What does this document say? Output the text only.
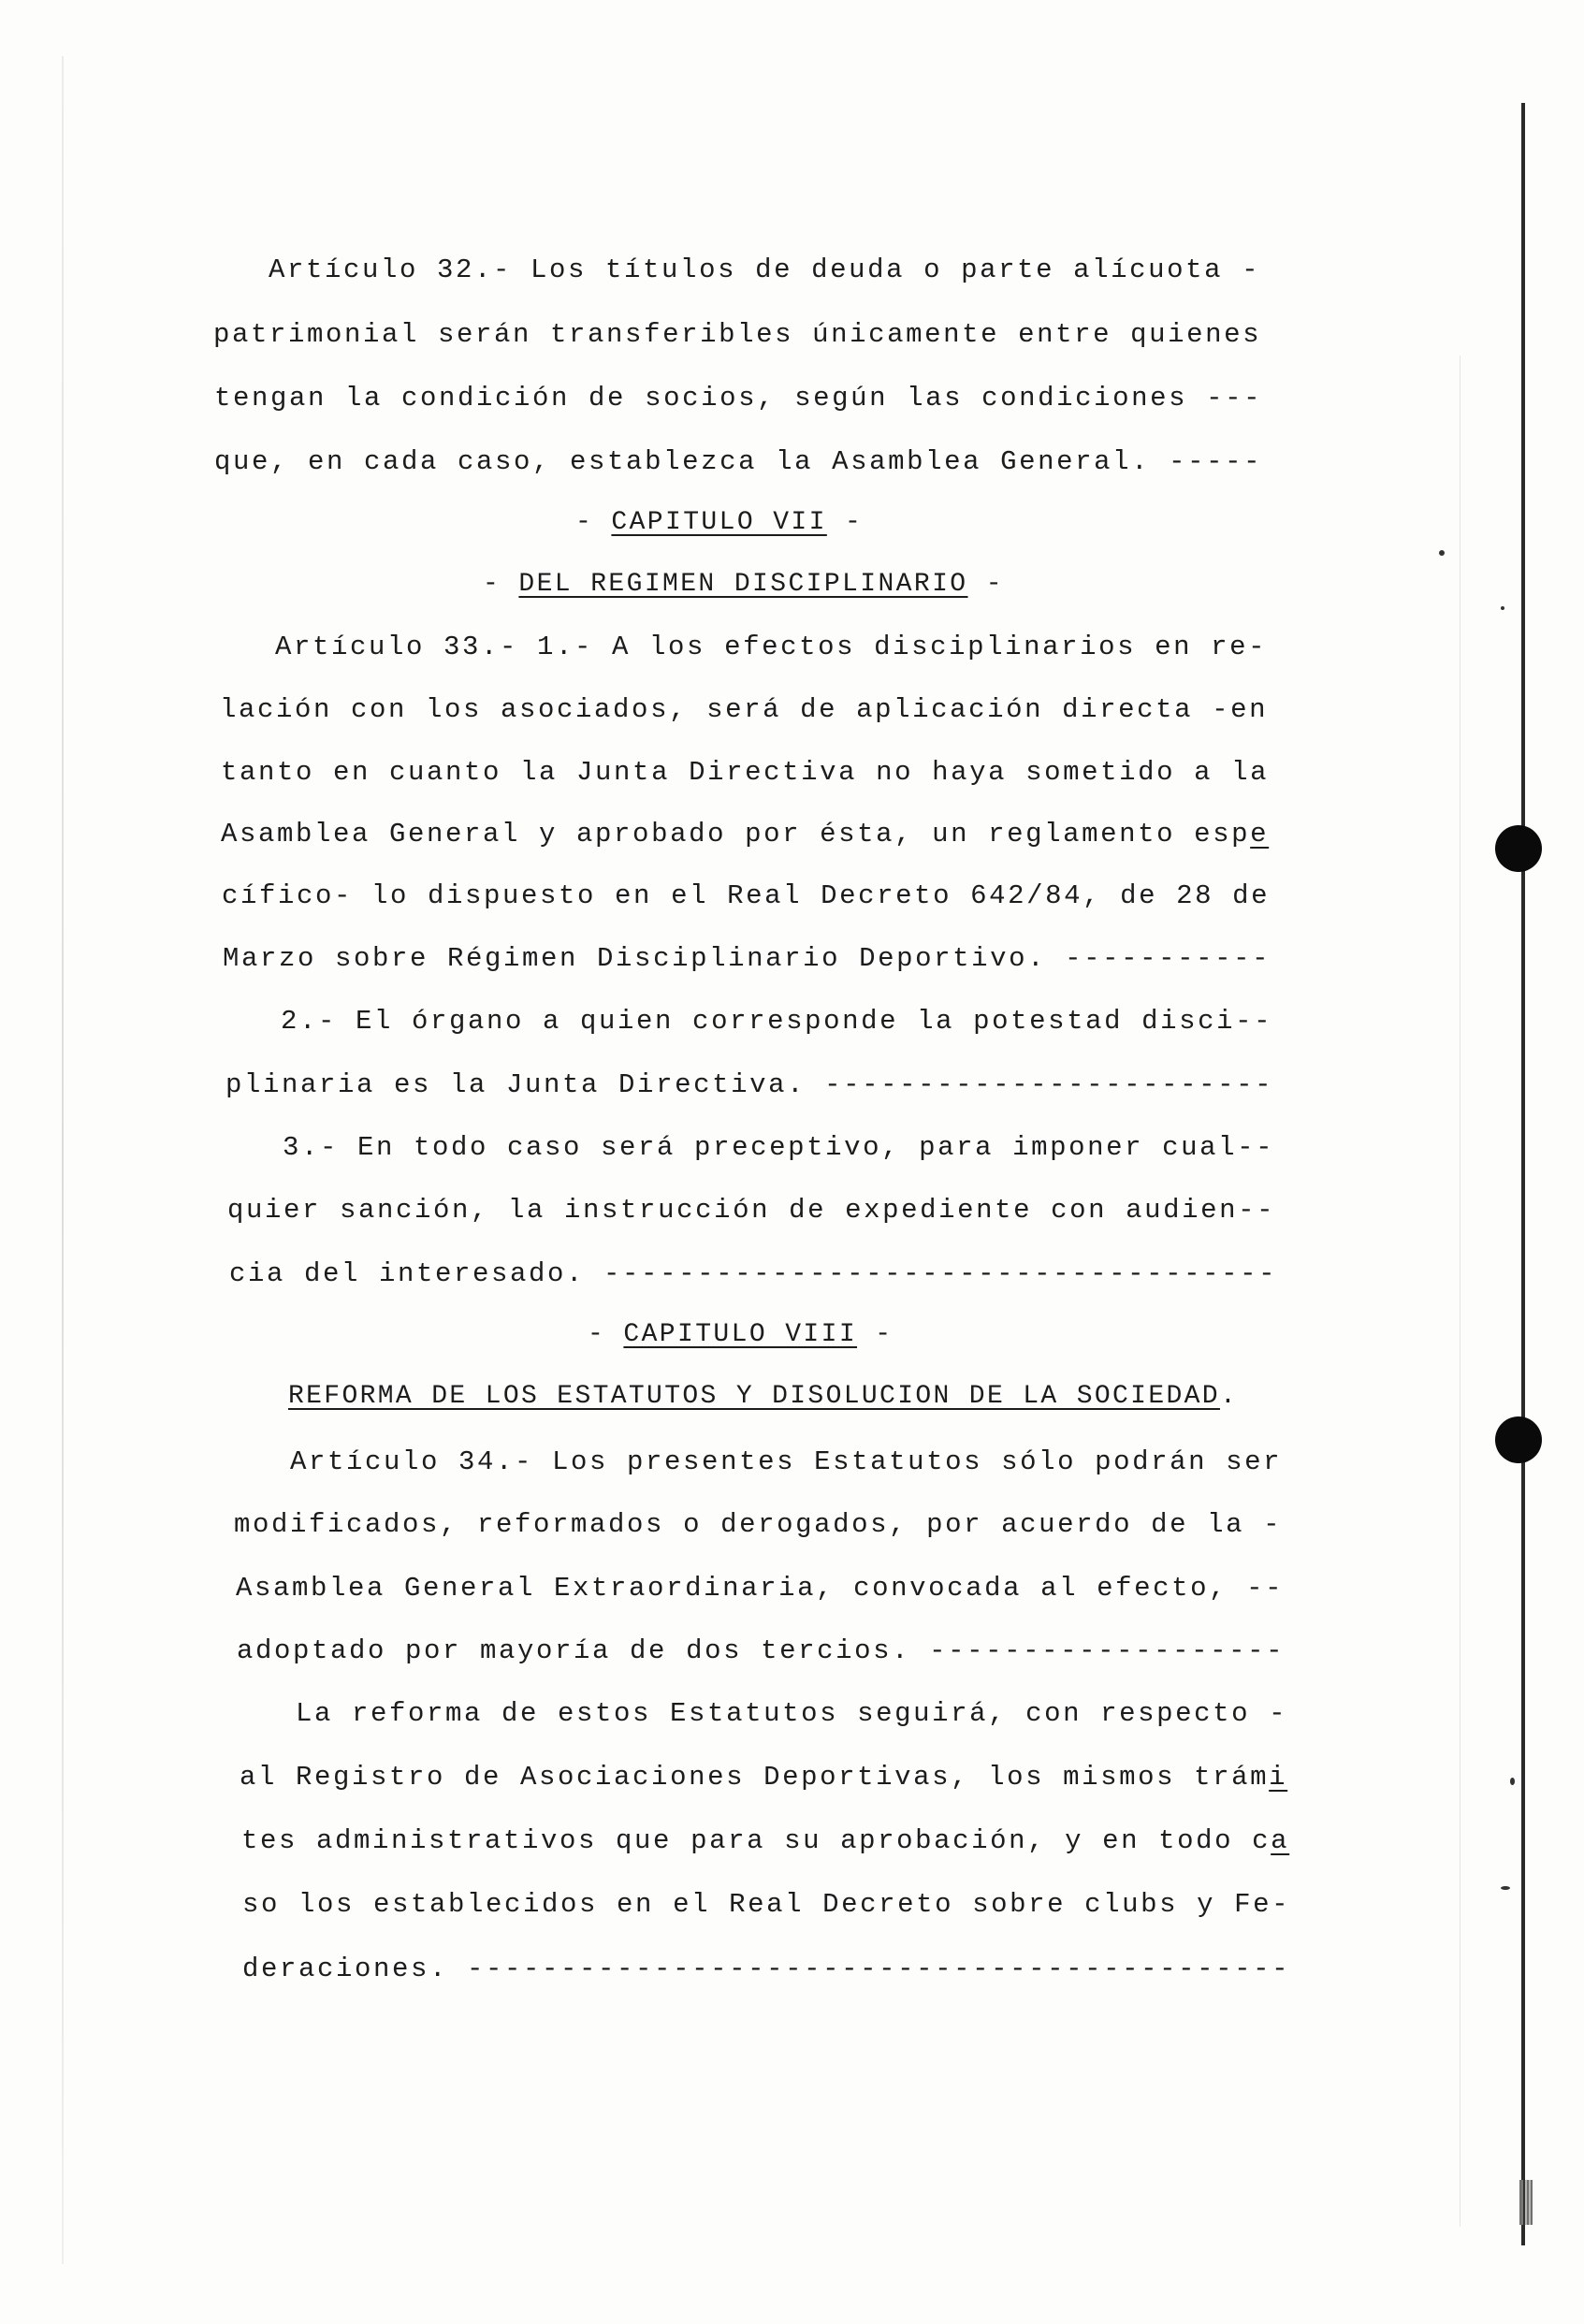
Artículo 32.- Los títulos de deuda o parte alícuota -
patrimonial serán transferibles únicamente entre quienes
tengan la condición de socios, según las condiciones ---
que, en cada caso, establezca la Asamblea General. -----
- CAPITULO VII -
- DEL REGIMEN DISCIPLINARIO -
Artículo 33.- 1.- A los efectos disciplinarios en re-
lación con los asociados, será de aplicación directa -en
tanto en cuanto la Junta Directiva no haya sometido a la
Asamblea General y aprobado por ésta, un reglamento espe
cífico- lo dispuesto en el Real Decreto 642/84, de 28 de
Marzo sobre Régimen Disciplinario Deportivo. -----------
2.- El órgano a quien corresponde la potestad disci--
plinaria es la Junta Directiva. ------------------------
3.- En todo caso será preceptivo, para imponer cual--
quier sanción, la instrucción de expediente con audien--
cia del interesado. ------------------------------------
- CAPITULO VIII -
REFORMA DE LOS ESTATUTOS Y DISOLUCION DE LA SOCIEDAD.
Artículo 34.- Los presentes Estatutos sólo podrán ser
modificados, reformados o derogados, por acuerdo de la -
Asamblea General Extraordinaria, convocada al efecto, --
adoptado por mayoría de dos tercios. -------------------
La reforma de estos Estatutos seguirá, con respecto -
al Registro de Asociaciones Deportivas, los mismos trámi
tes administrativos que para su aprobación, y en todo ca
so los establecidos en el Real Decreto sobre clubs y Fe-
deraciones. --------------------------------------------
